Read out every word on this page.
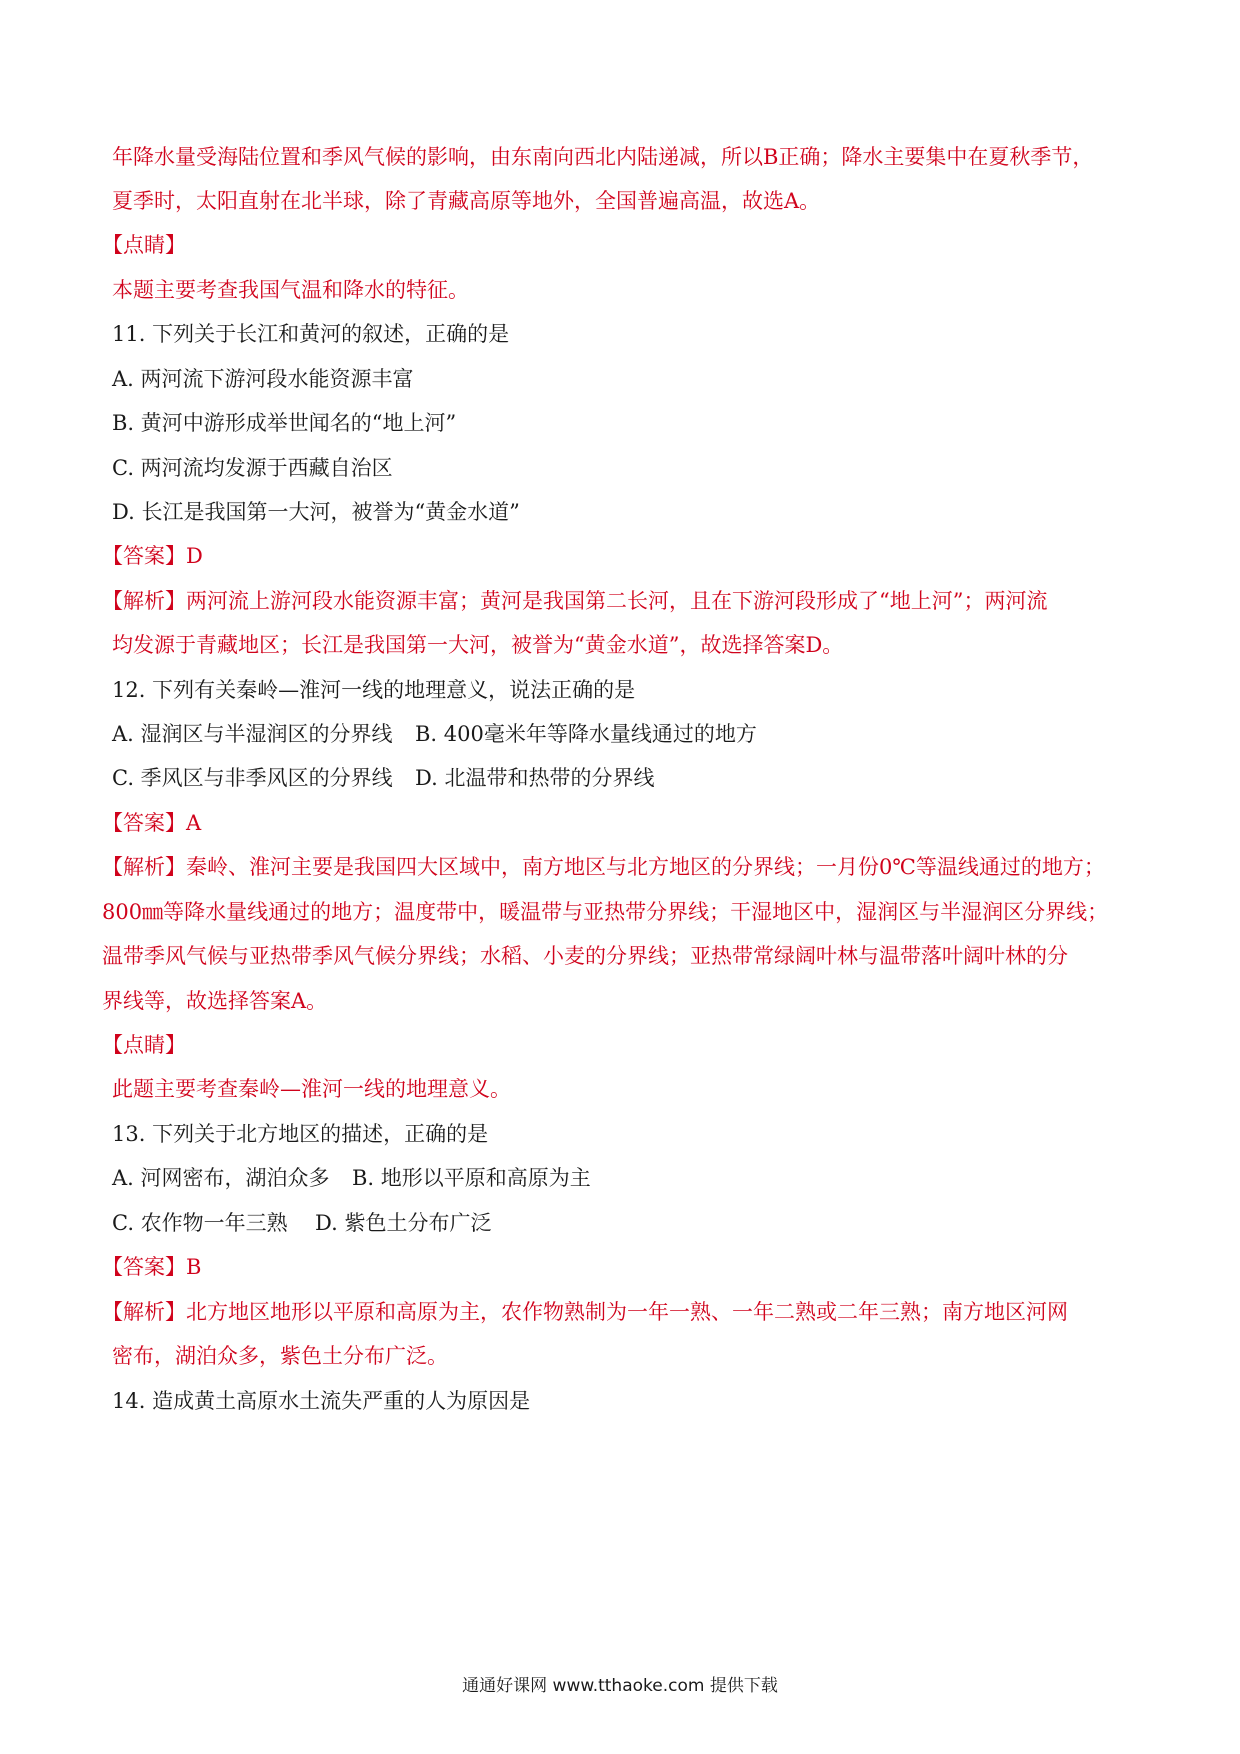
年降水量受海陆位置和季风气候的影响，由东南向西北内陆递减，所以B正确；降水主要集中在夏秋季节，
夏季时，太阳直射在北半球，除了青藏高原等地外，全国普遍高温，故选A。
【点睛】
本题主要考查我国气温和降水的特征。
11. 下列关于长江和黄河的叙述，正确的是
A. 两河流下游河段水能资源丰富
B. 黄河中游形成举世闻名的“地上河”
C. 两河流均发源于西藏自治区
D. 长江是我国第一大河，被誉为“黄金水道”
【答案】D
【解析】两河流上游河段水能资源丰富；黄河是我国第二长河，且在下游河段形成了“地上河”；两河流
均发源于青藏地区；长江是我国第一大河，被誉为“黄金水道”，故选择答案D。
12. 下列有关秦岭—淮河一线的地理意义，说法正确的是
A. 湿润区与半湿润区的分界线 B. 400毫米年等降水量线通过的地方
C. 季风区与非季风区的分界线 D. 北温带和热带的分界线
【答案】A
【解析】秦岭、淮河主要是我国四大区域中，南方地区与北方地区的分界线；一月份0℃等温线通过的地方；
800㎜等降水量线通过的地方；温度带中，暖温带与亚热带分界线；干湿地区中，湿润区与半湿润区分界线；
温带季风气候与亚热带季风气候分界线；水稻、小麦的分界线；亚热带常绿阔叶林与温带落叶阔叶林的分
界线等，故选择答案A。
【点睛】
此题主要考查秦岭—淮河一线的地理意义。
13. 下列关于北方地区的描述，正确的是
A. 河网密布，湖泊众多 B. 地形以平原和高原为主
C. 农作物一年三熟 D. 紫色土分布广泛
【答案】B
【解析】北方地区地形以平原和高原为主，农作物熟制为一年一熟、一年二熟或二年三熟；南方地区河网
密布，湖泊众多，紫色土分布广泛。
14. 造成黄土高原水土流失严重的人为原因是
通通好课网 www.tthaoke.com 提供下载
